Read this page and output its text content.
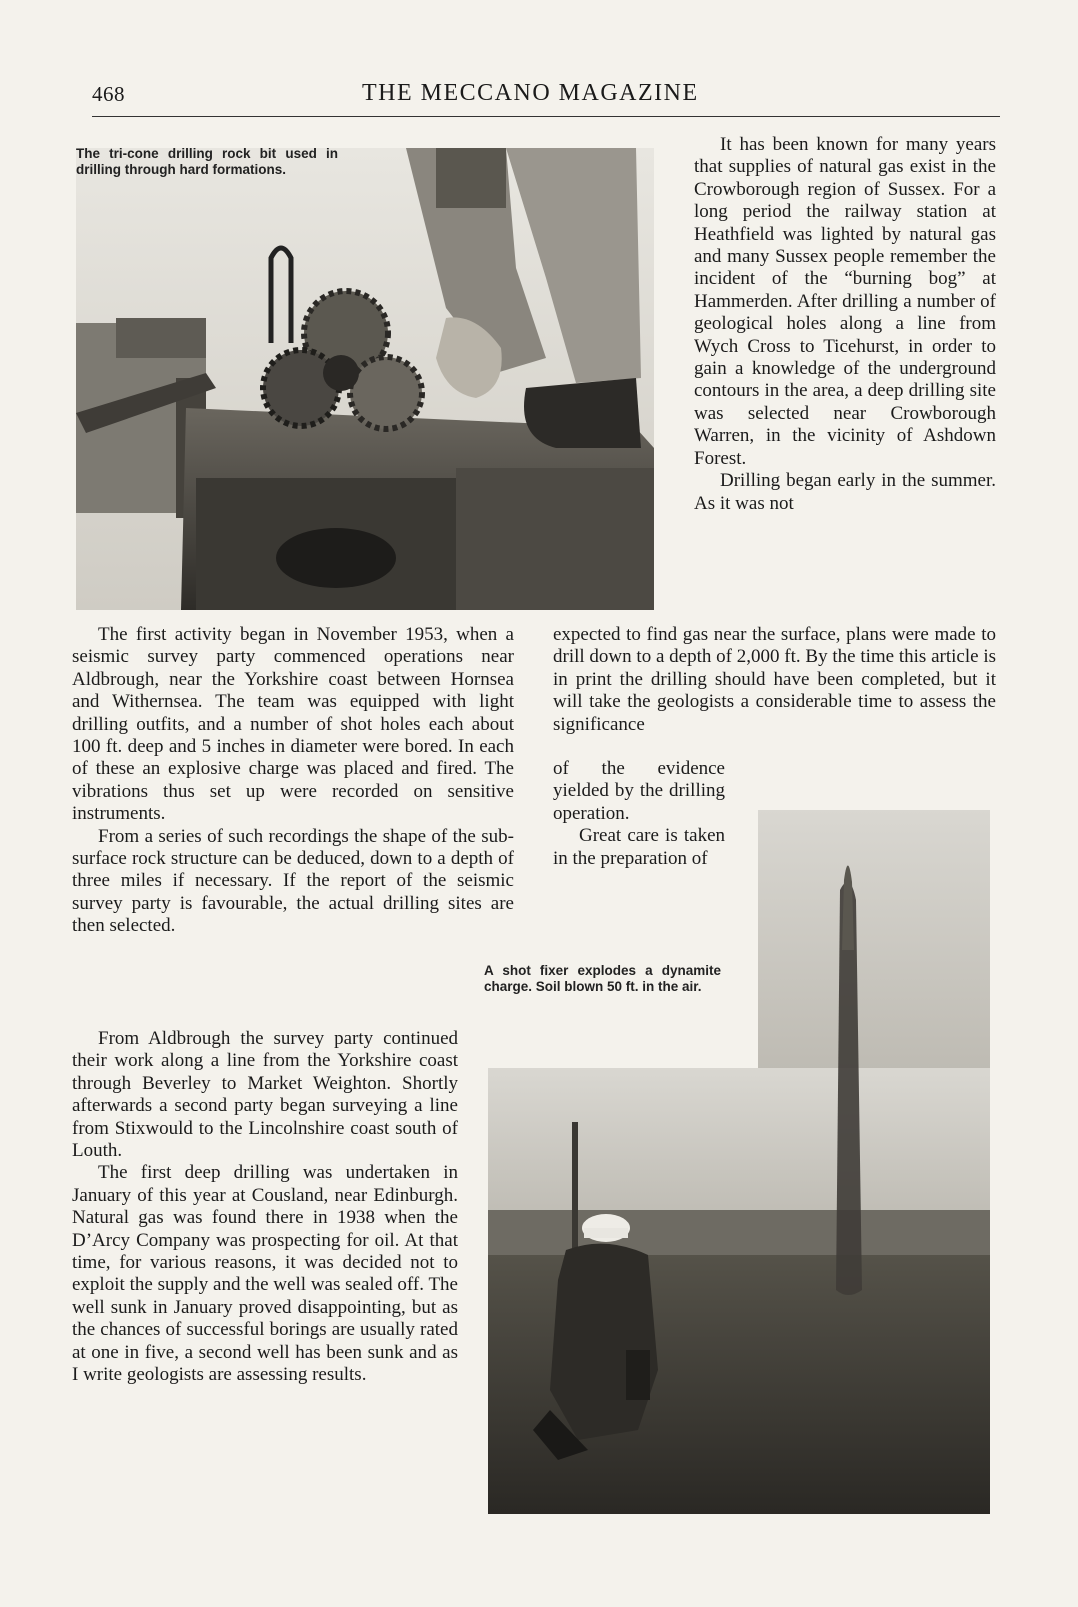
468	THE MECCANO MAGAZINE
The tri-cone drilling rock bit used in drilling through hard formations.

It has been known for many years that supplies of natural gas exist in the Crowborough region of Sussex. For a long period the railway station at Heathfield was lighted by natural gas and many Sussex people remember the incident of the “burning bog” at Hammerden. After drilling a number of geological holes along a line from Wych Cross to Ticehurst, in order to gain a knowledge of the underground contours in the area, a deep drilling site was selected near Crowborough Warren, in the vicinity of Ashdown Forest.

Drilling began early in the summer. As it was not

The first activity began in November 1953, when a seismic survey party commenced operations near Aldbrough, near the Yorkshire coast between Hornsea and Withernsea. The team was equipped with light drilling outfits, and a number of shot holes each about 100 ft. deep and 5 inches in diameter were bored. In each of these an explosive charge was placed and fired. The vibrations thus set up were recorded on sensitive instruments.

From a series of such recordings the shape of the sub-surface rock structure can be deduced, down to a depth of three miles if necessary. If the report of the seismic survey party is favourable, the actual drilling sites are then selected.

expected to find gas near the surface, plans were made to drill down to a depth of 2,000 ft. By the time this article is in print the drilling should have been completed, but it will take the geologists a considerable time to assess the significance

of the evidence yielded by the drilling operation.

Great care is taken in the preparation of

A shot fixer explodes a dynamite charge. Soil blown 50 ft. in the air.

From Aldbrough the survey party continued their work along a line from the Yorkshire coast through Beverley to Market Weighton. Shortly afterwards a second party began surveying a line from Stixwould to the Lincolnshire coast south of Louth.

The first deep drilling was undertaken in January of this year at Cousland, near Edinburgh. Natural gas was found there in 1938 when the D’Arcy Company was prospecting for oil. At that time, for various reasons, it was decided not to exploit the supply and the well was sealed off. The well sunk in January proved disappointing, but as the chances of successful borings are usually rated at one in five, a second well has been sunk and as I write geologists are assessing results.
